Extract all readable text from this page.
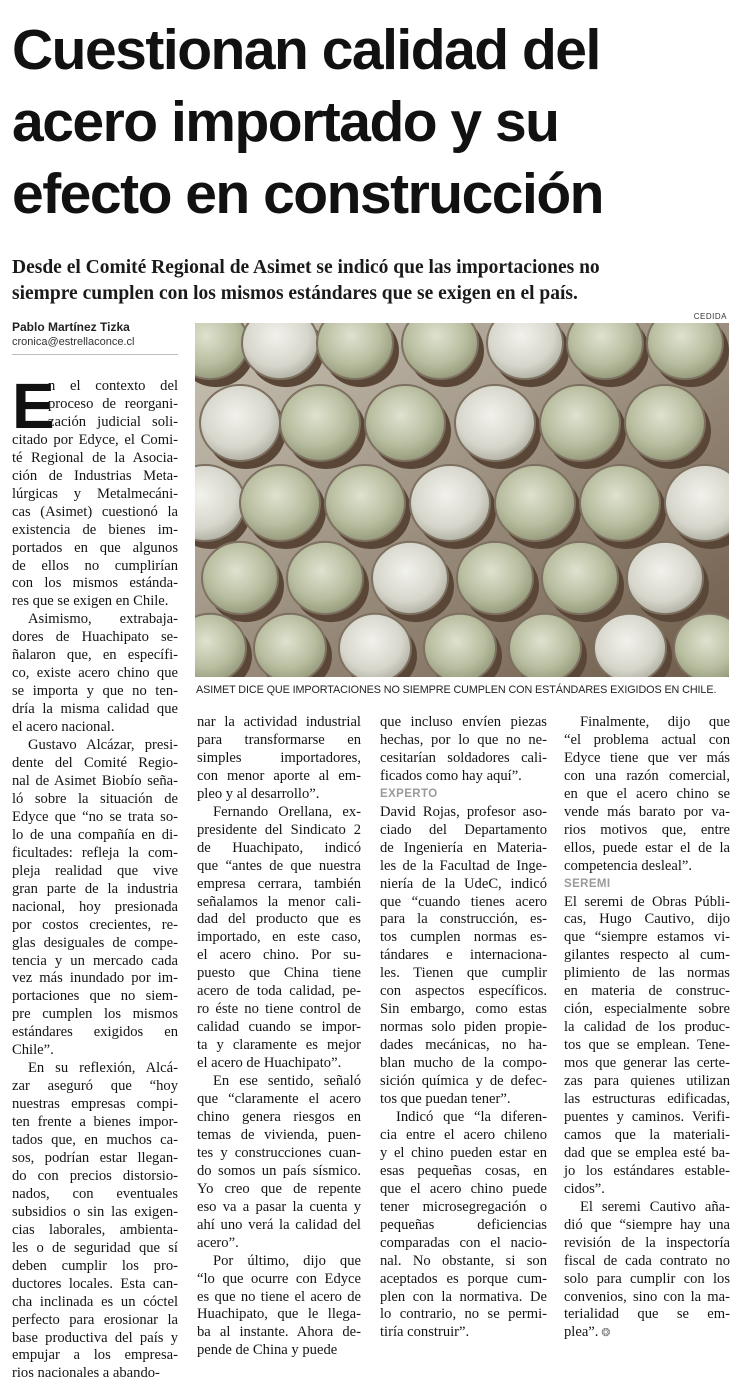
Cuestionan calidad del
acero importado y su
efecto en construcción

Desde el Comité Regional de Asimet se indicó que las importaciones no
siempre cumplen con los mismos estándares que se exigen en el país.

Pablo Martínez Tizka
cronica@estrellaconce.cl
CEDIDA
ASIMET DICE QUE IMPORTACIONES NO SIEMPRE CUMPLEN CON ESTÁNDARES EXIGIDOS EN CHILE.
E
n el contexto del
proceso de reorgani-
zación judicial soli-
citado por Edyce, el Comi-
té Regional de la Asocia-
ción de Industrias Meta-
lúrgicas y Metalmecáni-
cas (Asimet) cuestionó la
existencia de bienes im-
portados en que algunos
de ellos no cumplirían
con los mismos estánda-
res que se exigen en Chile.
Asimismo, extrabaja-
dores de Huachipato se-
ñalaron que, en específi-
co, existe acero chino que
se importa y que no ten-
dría la misma calidad que
el acero nacional.
Gustavo Alcázar, presi-
dente del Comité Regio-
nal de Asimet Biobío seña-
ló sobre la situación de
Edyce que “no se trata so-
lo de una compañía en di-
ficultades: refleja la com-
pleja realidad que vive
gran parte de la industria
nacional, hoy presionada
por costos crecientes, re-
glas desiguales de compe-
tencia y un mercado cada
vez más inundado por im-
portaciones que no siem-
pre cumplen los mismos
estándares exigidos en
Chile”.
En su reflexión, Alcá-
zar aseguró que “hoy
nuestras empresas compi-
ten frente a bienes impor-
tados que, en muchos ca-
sos, podrían estar llegan-
do con precios distorsio-
nados, con eventuales
subsidios o sin las exigen-
cias laborales, ambienta-
les o de seguridad que sí
deben cumplir los pro-
ductores locales. Esta can-
cha inclinada es un cóctel
perfecto para erosionar la
base productiva del país y
empujar a los empresa-
rios nacionales a abando-
nar la actividad industrial
para transformarse en
simples importadores,
con menor aporte al em-
pleo y al desarrollo”.
Fernando Orellana, ex-
presidente del Sindicato 2
de Huachipato, indicó
que “antes de que nuestra
empresa cerrara, también
señalamos la menor cali-
dad del producto que es
importado, en este caso,
el acero chino. Por su-
puesto que China tiene
acero de toda calidad, pe-
ro éste no tiene control de
calidad cuando se impor-
ta y claramente es mejor
el acero de Huachipato”.
En ese sentido, señaló
que “claramente el acero
chino genera riesgos en
temas de vivienda, puen-
tes y construcciones cuan-
do somos un país sísmico.
Yo creo que de repente
eso va a pasar la cuenta y
ahí uno verá la calidad del
acero”.
Por último, dijo que
“lo que ocurre con Edyce
es que no tiene el acero de
Huachipato, que le llega-
ba al instante. Ahora de-
pende de China y puede
que incluso envíen piezas
hechas, por lo que no ne-
cesitarían soldadores cali-
ficados como hay aquí”.
EXPERTO
David Rojas, profesor aso-
ciado del Departamento
de Ingeniería en Materia-
les de la Facultad de Inge-
niería de la UdeC, indicó
que “cuando tienes acero
para la construcción, es-
tos cumplen normas es-
tándares e internaciona-
les. Tienen que cumplir
con aspectos específicos.
Sin embargo, como estas
normas solo piden propie-
dades mecánicas, no ha-
blan mucho de la compo-
sición química y de defec-
tos que puedan tener”.
Indicó que “la diferen-
cia entre el acero chileno
y el chino pueden estar en
esas pequeñas cosas, en
que el acero chino puede
tener microsegregación o
pequeñas deficiencias
comparadas con el nacio-
nal. No obstante, si son
aceptados es porque cum-
plen con la normativa. De
lo contrario, no se permi-
tiría construir”.
Finalmente, dijo que
“el problema actual con
Edyce tiene que ver más
con una razón comercial,
en que el acero chino se
vende más barato por va-
rios motivos que, entre
ellos, puede estar el de la
competencia desleal”.
SEREMI
El seremi de Obras Públi-
cas, Hugo Cautivo, dijo
que “siempre estamos vi-
gilantes respecto al cum-
plimiento de las normas
en materia de construc-
ción, especialmente sobre
la calidad de los produc-
tos que se emplean. Tene-
mos que generar las certe-
zas para quienes utilizan
las estructuras edificadas,
puentes y caminos. Verifi-
camos que la materiali-
dad que se emplea esté ba-
jo los estándares estable-
cidos”.
El seremi Cautivo aña-
dió que “siempre hay una
revisión de la inspectoría
fiscal de cada contrato no
solo para cumplir con los
convenios, sino con la ma-
terialidad que se em-
plea”. ❂
